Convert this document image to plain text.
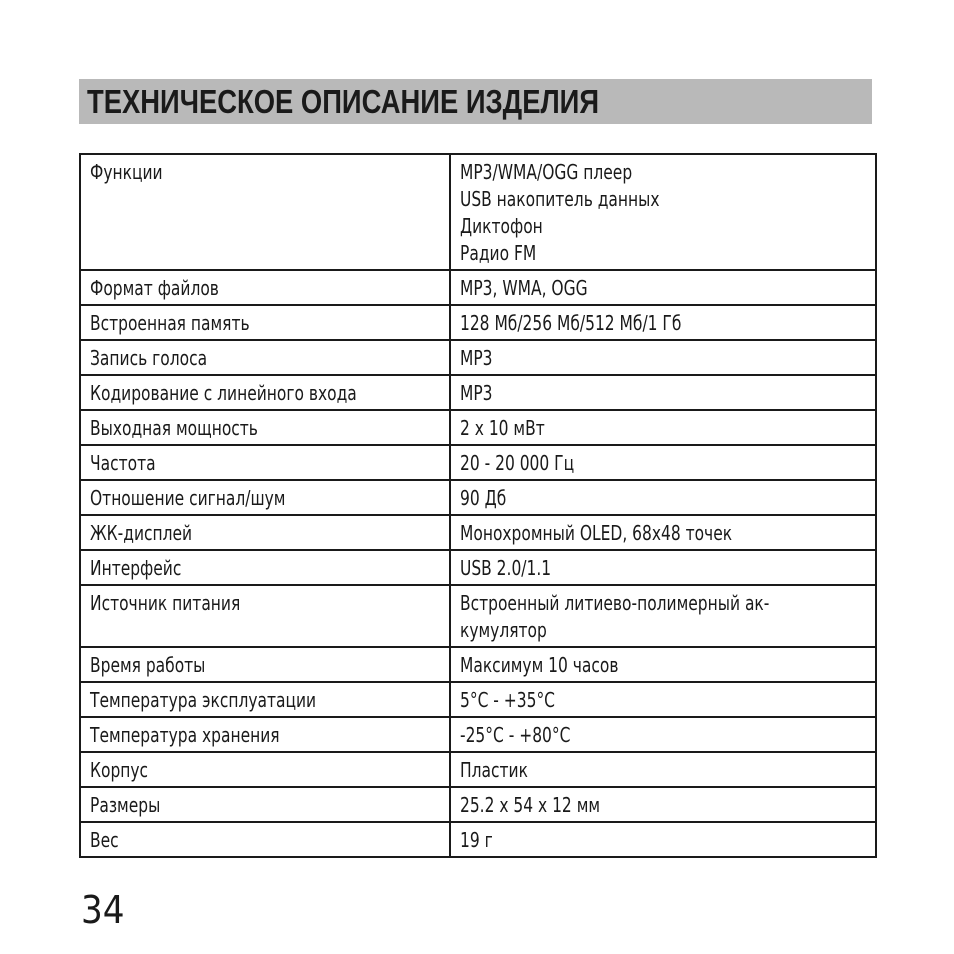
ТЕХНИЧЕСКОЕ ОПИСАНИЕ ИЗДЕЛИЯ
Функции	MP3/WMA/OGG плеер
USB накопитель данных
Диктофон
Радио FM

Формат файлов	MP3, WMA, OGG
Встроенная память	128 Мб/256 Мб/512 Мб/1 Гб
Запись голоса	MP3
Кодирование с линейного входа	MP3
Выходная мощность	2 х 10 мВт
Частота	20 - 20 000 Гц
Отношение сигнал/шум	90 Дб
ЖК-дисплей	Монохромный OLED, 68x48 точек
Интерфейс	USB 2.0/1.1
Источник питания	Встроенный литиево-полимерный ак-
кумулятор

Время работы	Максимум 10 часов
Температура эксплуатации	5°С - +35°С
Температура хранения	-25°С - +80°С
Корпус	Пластик
Размеры	25.2 х 54 х 12 мм
Вес	19 г
34
